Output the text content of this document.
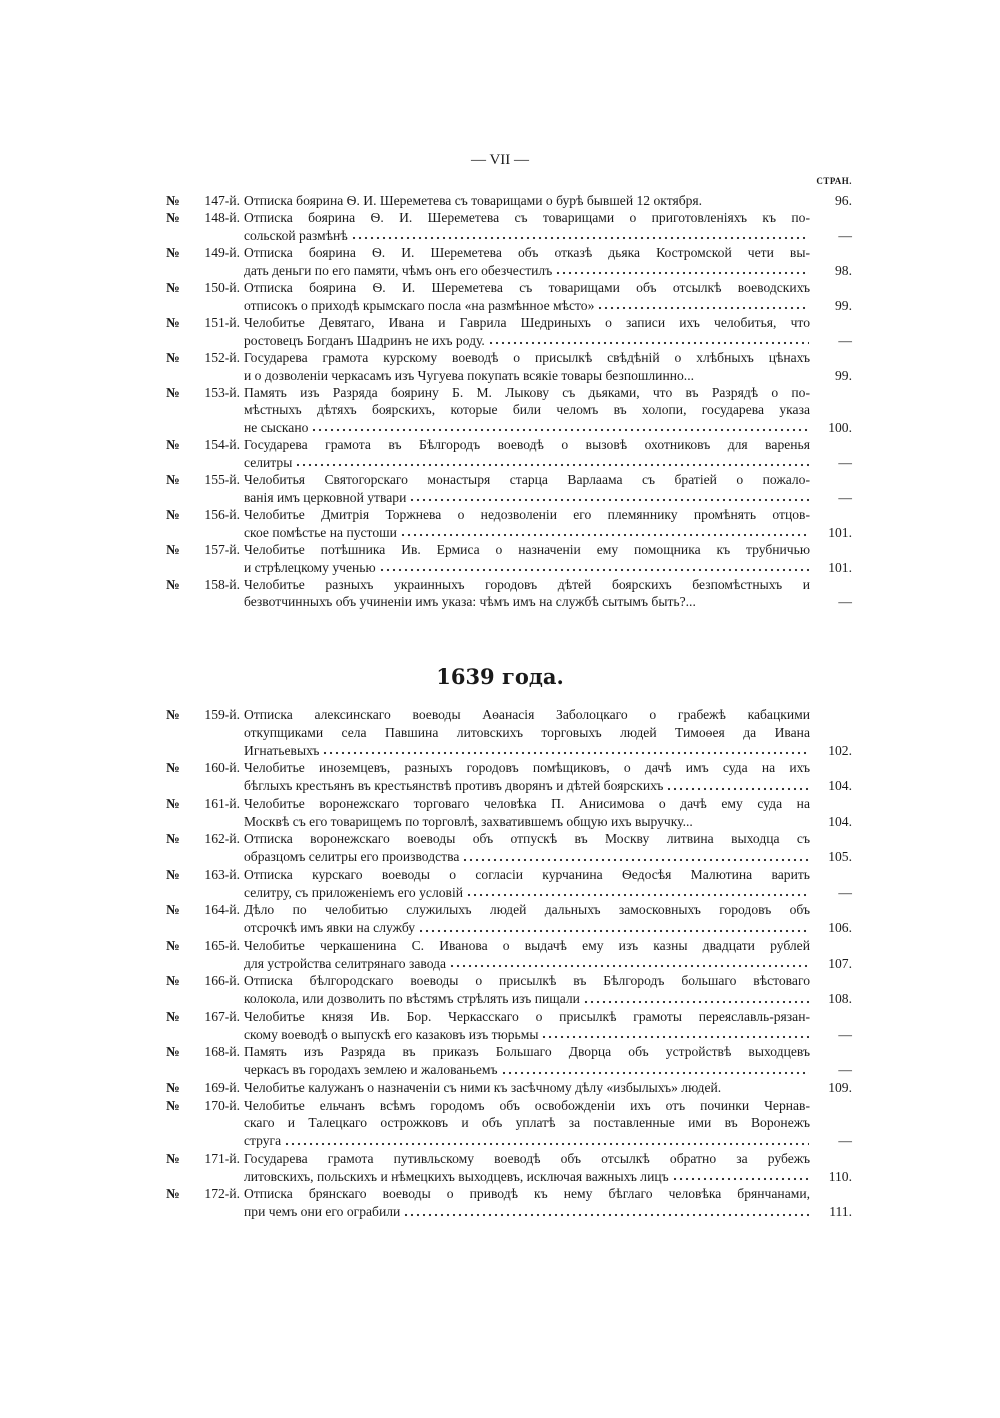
— VII —
СТРАН.
№	147-й. Отписка боярина Ѳ. И. Шереметева съ товарищами о бурѣ бывшей 12 октября.	96.
№	148-й. Отписка боярина Ѳ. И. Шереметева съ товарищами о приготовленіяхъ къ по-
сольской размѣнѣ	—
№	149-й. Отписка боярина Ѳ. И. Шереметева объ отказѣ дьяка Костромской чети вы-
дать деньги по его памяти, чѣмъ онъ его обезчестилъ	98.
№	150-й. Отписка боярина Ѳ. И. Шереметева съ товарищами объ отсылкѣ воеводскихъ
отписокъ о приходѣ крымскаго посла «на размѣнное мѣсто»	99.
№	151-й. Челобитье Девятаго, Ивана и Гаврила Шедриныхъ о записи ихъ челобитья, что
ростовецъ Богданъ Шадринъ не ихъ роду.	—
№	152-й. Государева грамота курскому воеводѣ о присылкѣ свѣдѣній о хлѣбныхъ цѣнахъ
и о дозволеніи черкасамъ изъ Чугуева покупать всякіе товары безпошлинно...	99.
№	153-й. Память изъ Разряда боярину Б. М. Лыкову съ дьяками, что въ Разрядѣ о по-
мѣстныхъ дѣтяхъ боярскихъ, которые били челомъ въ холопи, государева указа
не сыскано	100.
№	154-й. Государева грамота въ Бѣлгородъ воеводѣ о вызовѣ охотниковъ для варенья
селитры	—
№	155-й. Челобитья Святогорскаго монастыря старца Варлаама съ братіей о пожало-
ванія имъ церковной утвари	—
№	156-й. Челобитье Дмитрія Торжнева о недозволеніи его племяннику промѣнять отцов-
ское помѣстье на пустоши	101.
№	157-й. Челобитье потѣшника Ив. Ермиса о назначеніи ему помощника къ трубничью
и стрѣлецкому ученью	101.
№	158-й. Челобитье разныхъ украинныхъ городовъ дѣтей боярскихъ безпомѣстныхъ и
безвотчинныхъ объ учиненіи имъ указа: чѣмъ имъ на службѣ сытымъ быть?...	—
1639 года.
№	159-й. Отписка алексинскаго воеводы Аѳанасія Заболоцкаго о грабежѣ кабацкими
откупщиками села Павшина литовскихъ торговыхъ людей Тимоѳея да Ивана
Игнатьевыхъ	102.
№	160-й. Челобитье иноземцевъ, разныхъ городовъ помѣщиковъ, о дачѣ имъ суда на ихъ
бѣглыхъ крестьянъ въ крестьянствѣ противъ дворянъ и дѣтей боярскихъ	104.
№	161-й. Челобитье воронежскаго торговаго человѣка П. Анисимова о дачѣ ему суда на
Москвѣ съ его товарищемъ по торговлѣ, захватившемъ общую ихъ выручку...	104.
№	162-й. Отписка воронежскаго воеводы объ отпускѣ въ Москву литвина выходца съ
образцомъ селитры его производства	105.
№	163-й. Отписка курскаго воеводы о согласіи курчанина Ѳедосѣя Малютина варить
селитру, съ приложеніемъ его условій	—
№	164-й. Дѣло по челобитью служилыхъ людей дальныхъ замосковныхъ городовъ объ
отсрочкѣ имъ явки на службу	106.
№	165-й. Челобитье черкашенина С. Иванова о выдачѣ ему изъ казны двадцати рублей
для устройства селитрянаго завода	107.
№	166-й. Отписка бѣлгородскаго воеводы о присылкѣ въ Бѣлгородъ большаго вѣстоваго
колокола, или дозволить по вѣстямъ стрѣлять изъ пищали	108.
№	167-й. Челобитье князя Ив. Бор. Черкасскаго о присылкѣ грамоты переяславль-рязан-
скому воеводѣ о выпускѣ его казаковъ изъ тюрьмы	—
№	168-й. Память изъ Разряда въ приказъ Большаго Дворца объ устройствѣ выходцевъ
черкасъ въ городахъ землею и жалованьемъ	—
№	169-й. Челобитье калужанъ о назначеніи съ ними къ засѣчному дѣлу «избылыхъ» людей.	109.
№	170-й. Челобитье ельчанъ всѣмъ городомъ объ освобожденіи ихъ отъ починки Чернав-
скаго и Талецкаго острожковъ и объ уплатѣ за поставленные ими въ Воронежъ
струга	—
№	171-й. Государева грамота путивльскому воеводѣ объ отсылкѣ обратно за рубежъ
литовскихъ, польскихъ и нѣмецкихъ выходцевъ, исключая важныхъ лицъ	110.
№	172-й. Отписка брянскаго воеводы о приводѣ къ нему бѣглаго человѣка брянчанами,
при чемъ они его ограбили	111.
